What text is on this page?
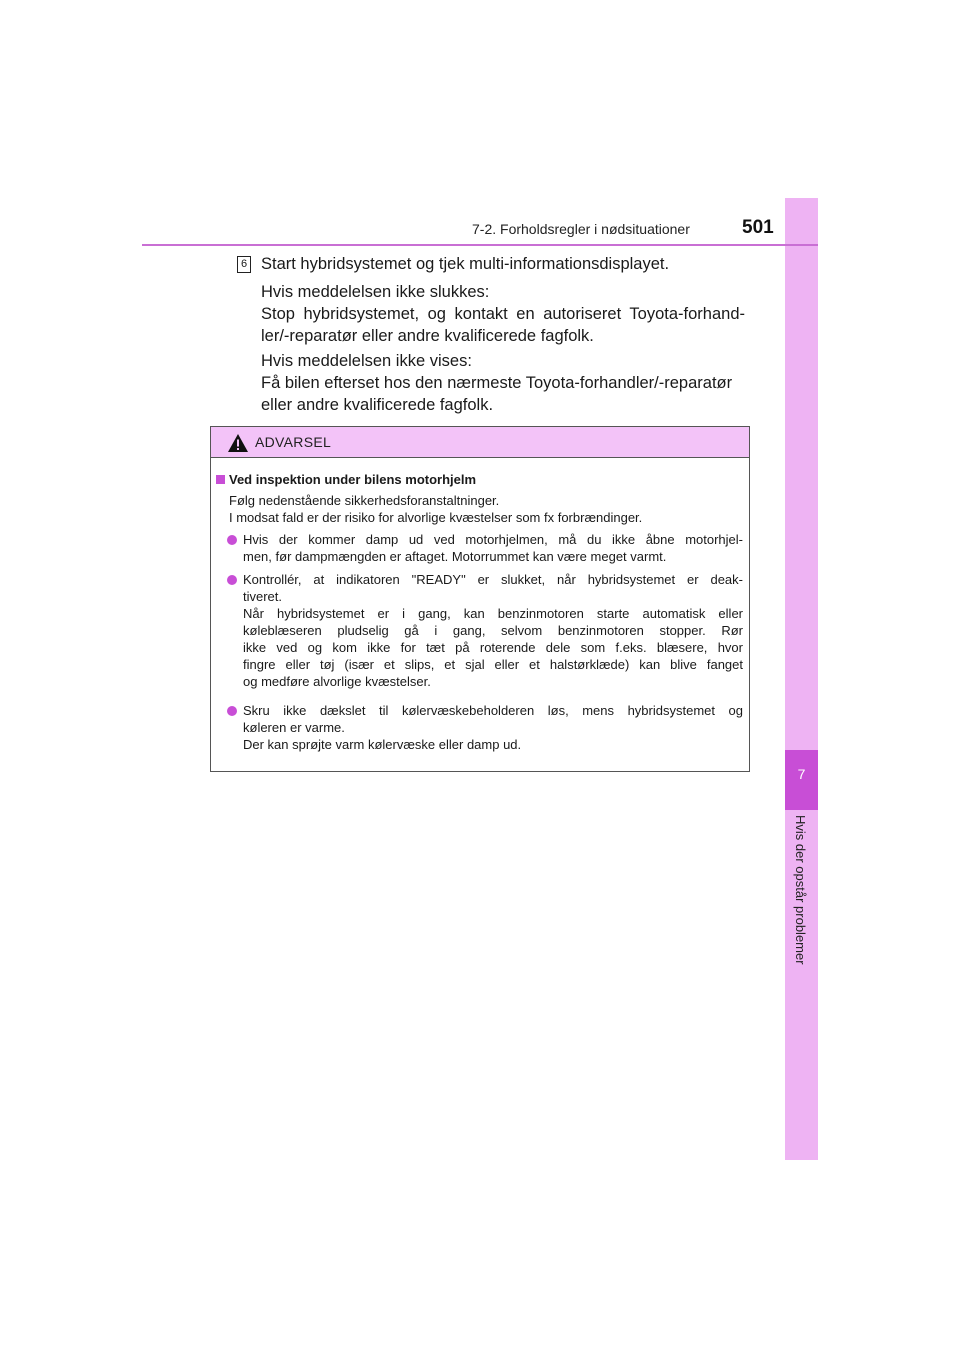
7
Hvis der opstår problemer
7-2. Forholdsregler i nødsituationer	501
6 Start hybridsystemet og tjek multi-informationsdisplayet.
Hvis meddelelsen ikke slukkes:
Stop hybridsystemet, og kontakt en autoriseret Toyota-forhand-
ler/-reparatør eller andre kvalificerede fagfolk.
Hvis meddelelsen ikke vises:
Få bilen efterset hos den nærmeste Toyota-forhandler/-reparatør
eller andre kvalificerede fagfolk.
ADVARSEL
Ved inspektion under bilens motorhjelm
Følg nedenstående sikkerhedsforanstaltninger.
I modsat fald er der risiko for alvorlige kvæstelser som fx forbrændinger.
Hvis der kommer damp ud ved motorhjelmen, må du ikke åbne motorhjel-
men, før dampmængden er aftaget. Motorrummet kan være meget varmt.
Kontrollér, at indikatoren "READY" er slukket, når hybridsystemet er deak-
tiveret.
Når hybridsystemet er i gang, kan benzinmotoren starte automatisk eller
køleblæseren pludselig gå i gang, selvom benzinmotoren stopper. Rør
ikke ved og kom ikke for tæt på roterende dele som f.eks. blæsere, hvor
fingre eller tøj (især et slips, et sjal eller et halstørklæde) kan blive fanget
og medføre alvorlige kvæstelser.
Skru ikke dækslet til kølervæskebeholderen løs, mens hybridsystemet og
køleren er varme.
Der kan sprøjte varm kølervæske eller damp ud.
